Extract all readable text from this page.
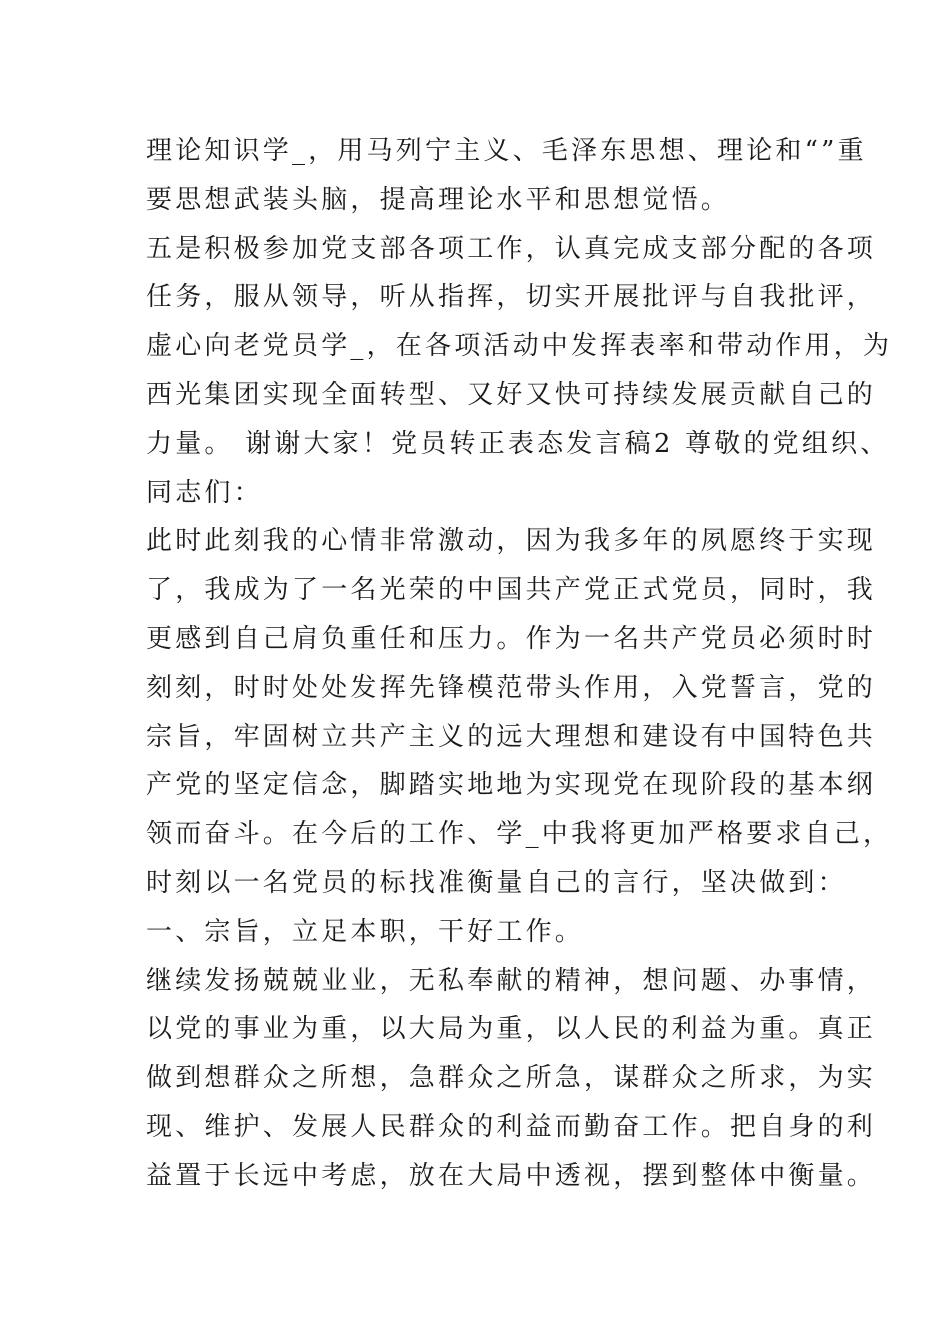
理论知识学_，用马列宁主义、毛泽东思想、理论和“”重
要思想武装头脑，提高理论水平和思想觉悟。
五是积极参加党支部各项工作，认真完成支部分配的各项
任务，服从领导，听从指挥，切实开展批评与自我批评，
虚心向老党员学_，在各项活动中发挥表率和带动作用，为
西光集团实现全面转型、又好又快可持续发展贡献自己的
力量。 谢谢大家！党员转正表态发言稿2 尊敬的党组织、
同志们：
此时此刻我的心情非常激动，因为我多年的夙愿终于实现
了，我成为了一名光荣的中国共产党正式党员，同时，我
更感到自己肩负重任和压力。作为一名共产党员必须时时
刻刻，时时处处发挥先锋模范带头作用，入党誓言，党的
宗旨，牢固树立共产主义的远大理想和建设有中国特色共
产党的坚定信念，脚踏实地地为实现党在现阶段的基本纲
领而奋斗。在今后的工作、学_中我将更加严格要求自己，
时刻以一名党员的标找准衡量自己的言行，坚决做到：
一、宗旨，立足本职，干好工作。
继续发扬兢兢业业，无私奉献的精神，想问题、办事情，
以党的事业为重，以大局为重，以人民的利益为重。真正
做到想群众之所想，急群众之所急，谋群众之所求，为实
现、维护、发展人民群众的利益而勤奋工作。把自身的利
益置于长远中考虑，放在大局中透视，摆到整体中衡量。
